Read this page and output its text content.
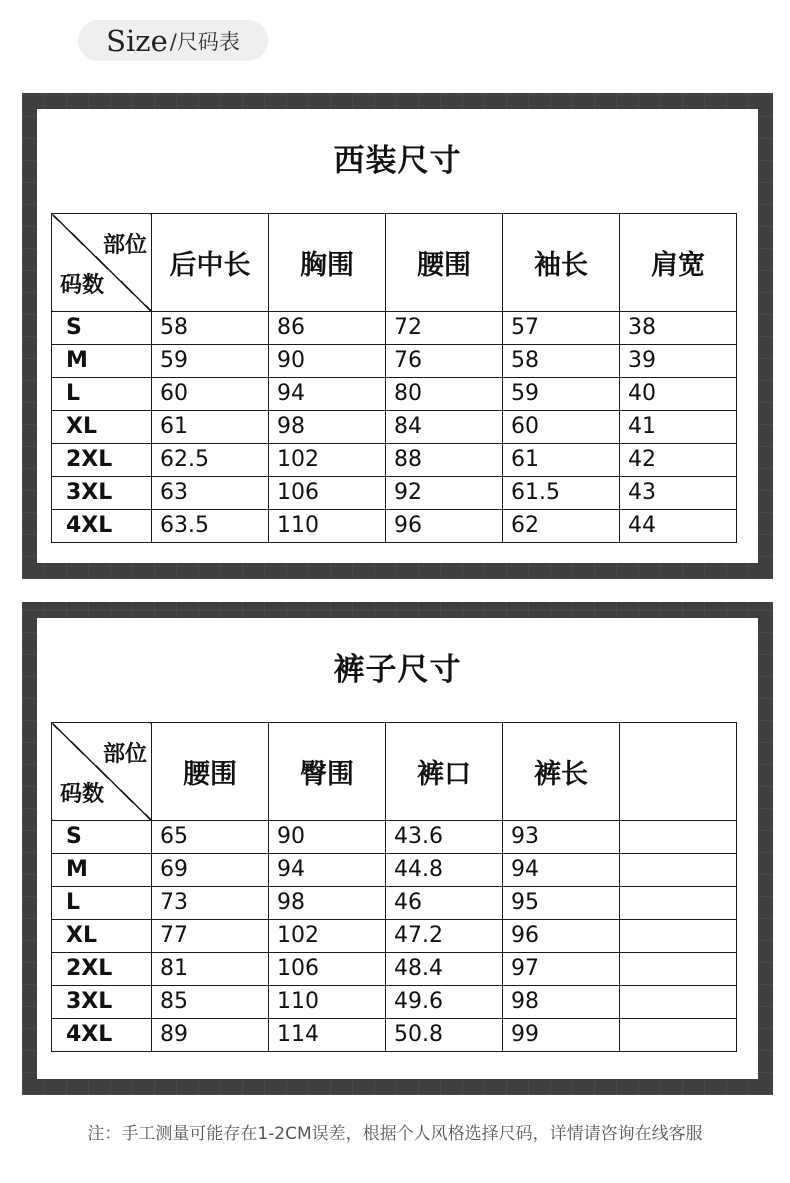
Size /尺码表
西装尺寸
部位
码数	后中长	胸围	腰围	袖长	肩宽
S	58	86	72	57	38
M	59	90	76	58	39
L	60	94	80	59	40
XL	61	98	84	60	41
2XL	62.5	102	88	61	42
3XL	63	106	92	61.5	43
4XL	63.5	110	96	62	44
裤子尺寸
部位
码数	腰围	臀围	裤口	裤长	
S	65	90	43.6	93	
M	69	94	44.8	94	
L	73	98	46	95	
XL	77	102	47.2	96	
2XL	81	106	48.4	97	
3XL	85	110	49.6	98	
4XL	89	114	50.8	99	
注：手工测量可能存在1-2CM误差，根据个人风格选择尺码，详情请咨询在线客服
